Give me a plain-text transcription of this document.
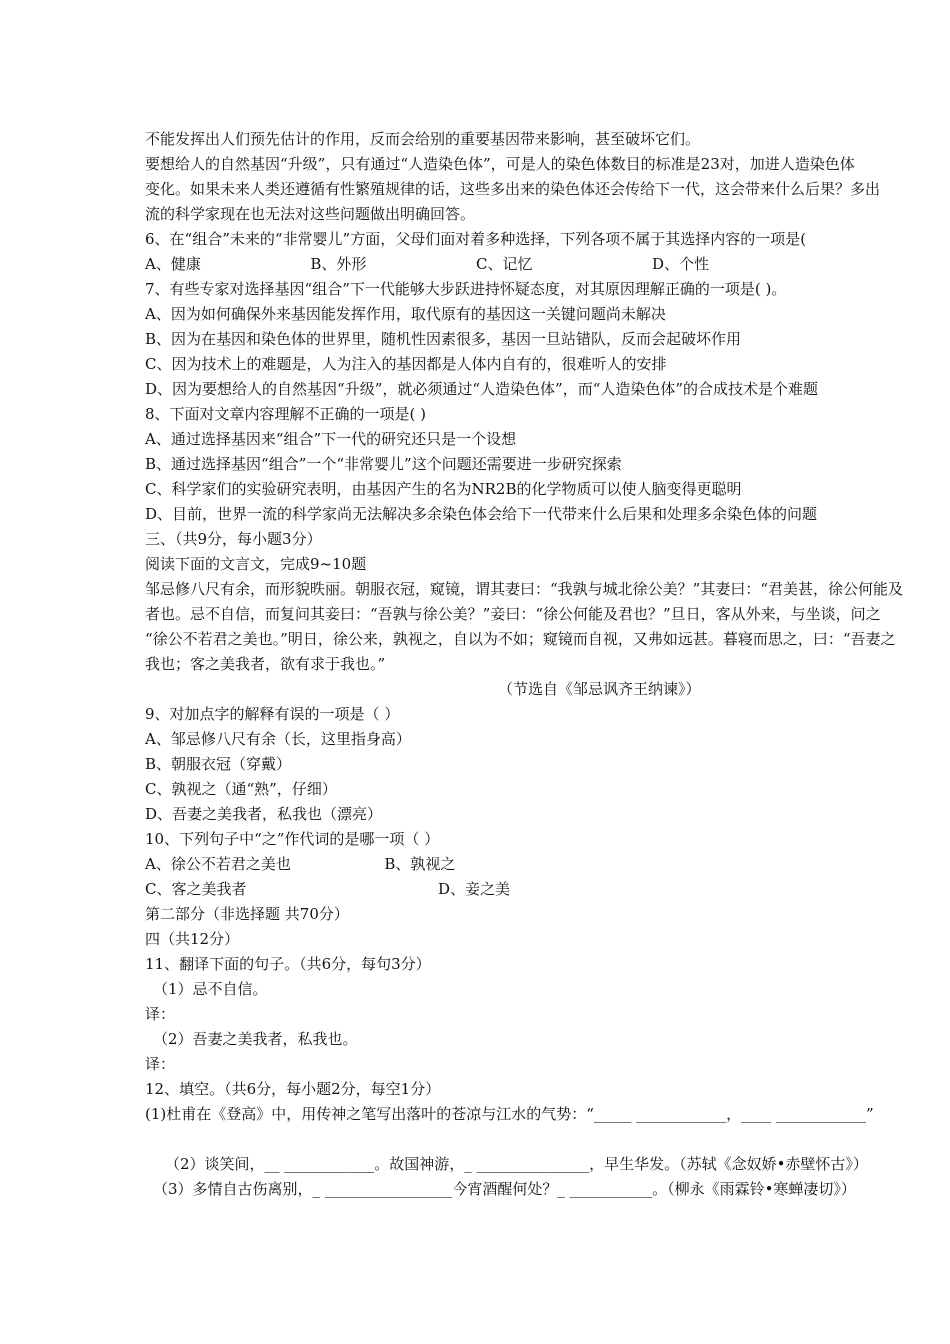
不能发挥出人们预先估计的作用，反而会给别的重要基因带来影响，甚至破坏它们。
要想给人的自然基因“升级”，只有通过“人造染色体”，可是人的染色体数目的标准是23对，加进人造染色体
变化。如果未来人类还遵循有性繁殖规律的话，这些多出来的染色体还会传给下一代，这会带来什么后果？多出
流的科学家现在也无法对这些问题做出明确回答。
6、在“组合”未来的“非常婴儿”方面，父母们面对着多种选择，下列各项不属于其选择内容的一项是(
A、健康	B、外形	C、记忆	D、个性
7、有些专家对选择基因“组合”下一代能够大步跃进持怀疑态度，对其原因理解正确的一项是( )。
A、因为如何确保外来基因能发挥作用，取代原有的基因这一关键问题尚未解决
B、因为在基因和染色体的世界里，随机性因素很多，基因一旦站错队，反而会起破坏作用
C、因为技术上的难题是，人为注入的基因都是人体内自有的，很难听人的安排
D、因为要想给人的自然基因“升级”，就必须通过“人造染色体”，而“人造染色体”的合成技术是个难题
8、下面对文章内容理解不正确的一项是( )
A、通过选择基因来“组合”下一代的研究还只是一个设想
B、通过选择基因“组合”一个“非常婴儿”这个问题还需要进一步研究探索
C、科学家们的实验研究表明，由基因产生的名为NR2B的化学物质可以使人脑变得更聪明
D、目前，世界一流的科学家尚无法解决多余染色体会给下一代带来什么后果和处理多余染色体的问题
三、（共9分，每小题3分）
阅读下面的文言文，完成9~10题
邹忌修八尺有余，而形貌昳丽。朝服衣冠，窥镜，谓其妻曰：“我孰与城北徐公美？”其妻曰：“君美甚，徐公何能及
者也。忌不自信，而复问其妾曰：“吾孰与徐公美？”妾曰：“徐公何能及君也？”旦日，客从外来，与坐谈，问之
“徐公不若君之美也。”明日，徐公来，孰视之，自以为不如；窥镜而自视，又弗如远甚。暮寝而思之，曰：“吾妻之
我也；客之美我者，欲有求于我也。”
（节选自《邹忌讽齐王纳谏》）
9、对加点字的解释有误的一项是（ ）
A、邹忌修八尺有余（长，这里指身高）
B、朝服衣冠（穿戴）
C、孰视之（通“熟”，仔细）
D、吾妻之美我者，私我也（漂亮）
10、下列句子中“之”作代词的是哪一项（ ）
A、徐公不若君之美也	B、孰视之
C、客之美我者	D、妾之美
第二部分（非选择题 共70分）
四（共12分）
11、翻译下面的句子。（共6分，每句3分）
（1）忌不自信。
译：
（2）吾妻之美我者，私我也。
译：
12、填空。（共6分，每小题2分，每空1分）
(1)杜甫在《登高》中，用传神之笔写出落叶的苍凉与江水的气势：“_____ ____________，____ ____________”
（2）谈笑间，__ ____________。故国神游，_ _______________，早生华发。（苏轼《念奴娇•赤壁怀古》）
（3）多情自古伤离别，_ _________________今宵酒醒何处？_ ___________。（柳永《雨霖铃•寒蝉凄切》）
